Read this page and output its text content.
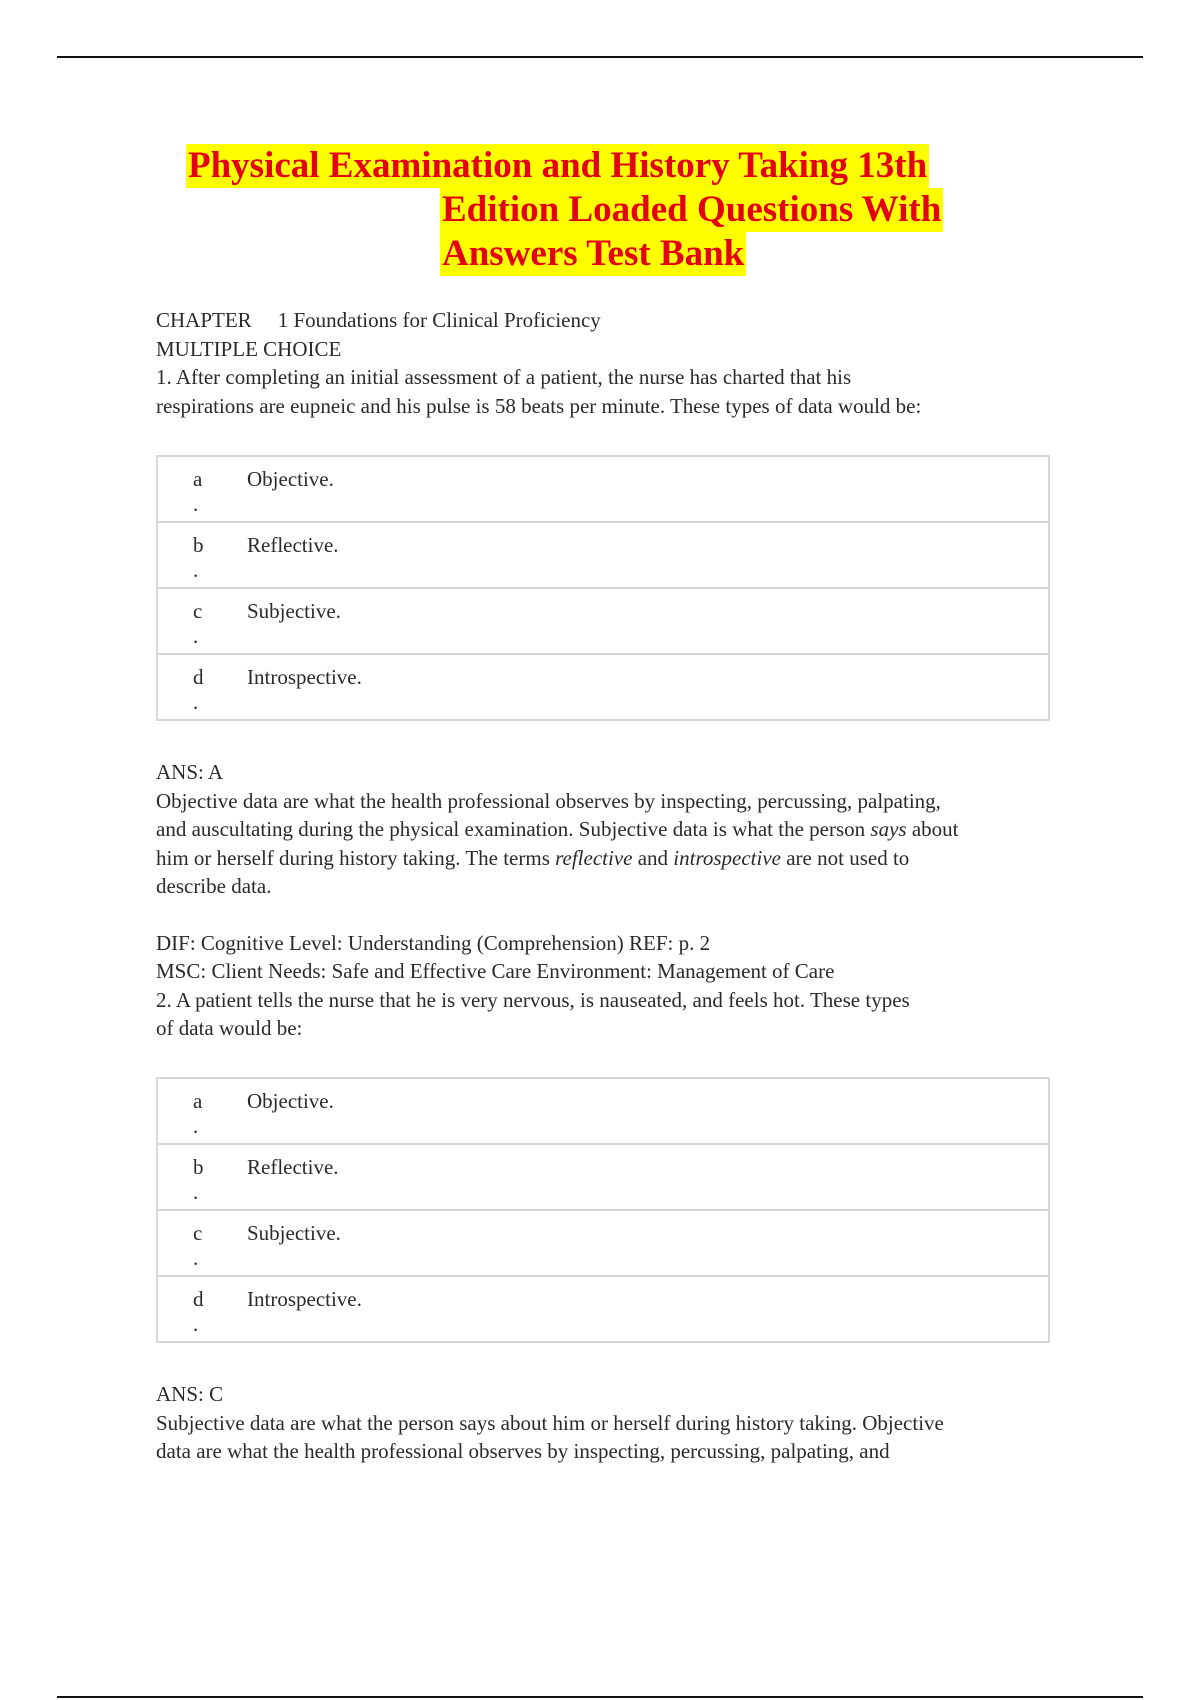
Physical Examination and History Taking 13th
Edition Loaded Questions With
Answers Test Bank
CHAPTER 1 Foundations for Clinical Proficiency
MULTIPLE CHOICE
1. After completing an initial assessment of a patient, the nurse has charted that his
respirations are eupneic and his pulse is 58 beats per minute. These types of data would be:
a
.	Objective.
b
.	Reflective.
c
.	Subjective.
d
.	Introspective.
ANS: A
Objective data are what the health professional observes by inspecting, percussing, palpating,
and auscultating during the physical examination. Subjective data is what the person says about
him or herself during history taking. The terms reflective and introspective are not used to
describe data.
DIF: Cognitive Level: Understanding (Comprehension) REF: p. 2
MSC: Client Needs: Safe and Effective Care Environment: Management of Care
2. A patient tells the nurse that he is very nervous, is nauseated, and feels hot. These types
of data would be:
a
.	Objective.
b
.	Reflective.
c
.	Subjective.
d
.	Introspective.
ANS: C
Subjective data are what the person says about him or herself during history taking. Objective
data are what the health professional observes by inspecting, percussing, palpating, and
